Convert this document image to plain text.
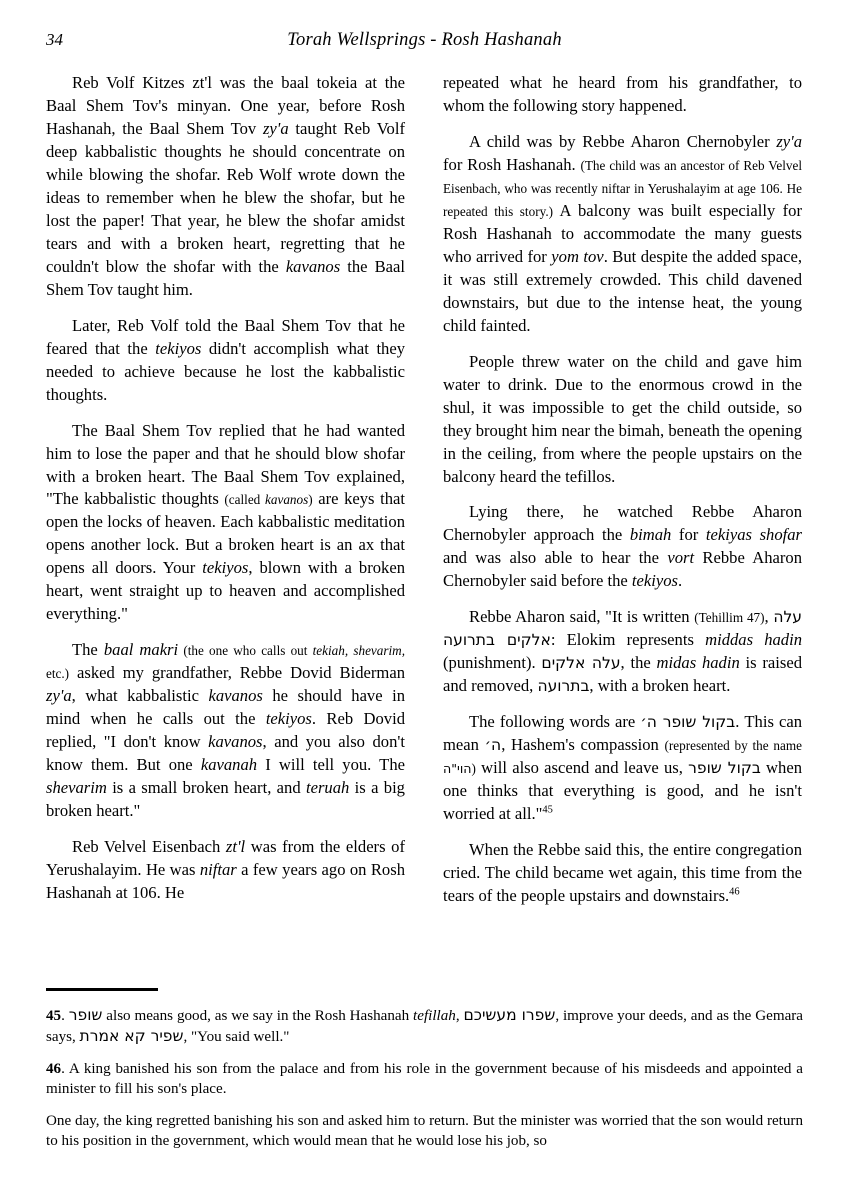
34	Torah Wellsprings - Rosh Hashanah

Reb Volf Kitzes zt'l was the baal tokeia at the Baal Shem Tov's minyan. One year, before Rosh Hashanah, the Baal Shem Tov zy'a taught Reb Volf deep kabbalistic thoughts he should concentrate on while blowing the shofar. Reb Wolf wrote down the ideas to remember when he blew the shofar, but he lost the paper! That year, he blew the shofar amidst tears and with a broken heart, regretting that he couldn't blow the shofar with the kavanos the Baal Shem Tov taught him.

Later, Reb Volf told the Baal Shem Tov that he feared that the tekiyos didn't accomplish what they needed to achieve because he lost the kabbalistic thoughts.

The Baal Shem Tov replied that he had wanted him to lose the paper and that he should blow shofar with a broken heart. The Baal Shem Tov explained, "The kabbalistic thoughts (called kavanos) are keys that open the locks of heaven. Each kabbalistic meditation opens another lock. But a broken heart is an ax that opens all doors. Your tekiyos, blown with a broken heart, went straight up to heaven and accomplished everything."

The baal makri (the one who calls out tekiah, shevarim, etc.) asked my grandfather, Rebbe Dovid Biderman zy'a, what kabbalistic kavanos he should have in mind when he calls out the tekiyos. Reb Dovid replied, "I don't know kavanos, and you also don't know them. But one kavanah I will tell you. The shevarim is a small broken heart, and teruah is a big broken heart."

Reb Velvel Eisenbach zt'l was from the elders of Yerushalayim. He was niftar a few years ago on Rosh Hashanah at 106. He

repeated what he heard from his grandfather, to whom the following story happened.

A child was by Rebbe Aharon Chernobyler zy'a for Rosh Hashanah. (The child was an ancestor of Reb Velvel Eisenbach, who was recently niftar in Yerushalayim at age 106. He repeated this story.) A balcony was built especially for Rosh Hashanah to accommodate the many guests who arrived for yom tov. But despite the added space, it was still extremely crowded. This child davened downstairs, but due to the intense heat, the young child fainted.

People threw water on the child and gave him water to drink. Due to the enormous crowd in the shul, it was impossible to get the child outside, so they brought him near the bimah, beneath the opening in the ceiling, from where the people upstairs on the balcony heard the tefillos.

Lying there, he watched Rebbe Aharon Chernobyler approach the bimah for tekiyas shofar and was also able to hear the vort Rebbe Aharon Chernobyler said before the tekiyos.

Rebbe Aharon said, "It is written (Tehillim 47), עלה אלקים בתרועה: Elokim represents middas hadin (punishment). עלה אלקים, the midas hadin is raised and removed, בתרועה, with a broken heart.

The following words are בקול שופר ה׳. This can mean ה׳, Hashem's compassion (represented by the name הוי"ה) will also ascend and leave us, בקול שופר when one thinks that everything is good, and he isn't worried at all."$^{45}$

When the Rebbe said this, the entire congregation cried. The child became wet again, this time from the tears of the people upstairs and downstairs.$^{46}$

45. שופר also means good, as we say in the Rosh Hashanah tefillah, שפרו מעשיכם, improve your deeds, and as the Gemara says, שפיר קא אמרת, "You said well."

46. A king banished his son from the palace and from his role in the government because of his misdeeds and appointed a minister to fill his son's place.

One day, the king regretted banishing his son and asked him to return. But the minister was worried that the son would return to his position in the government, which would mean that he would lose his job, so
